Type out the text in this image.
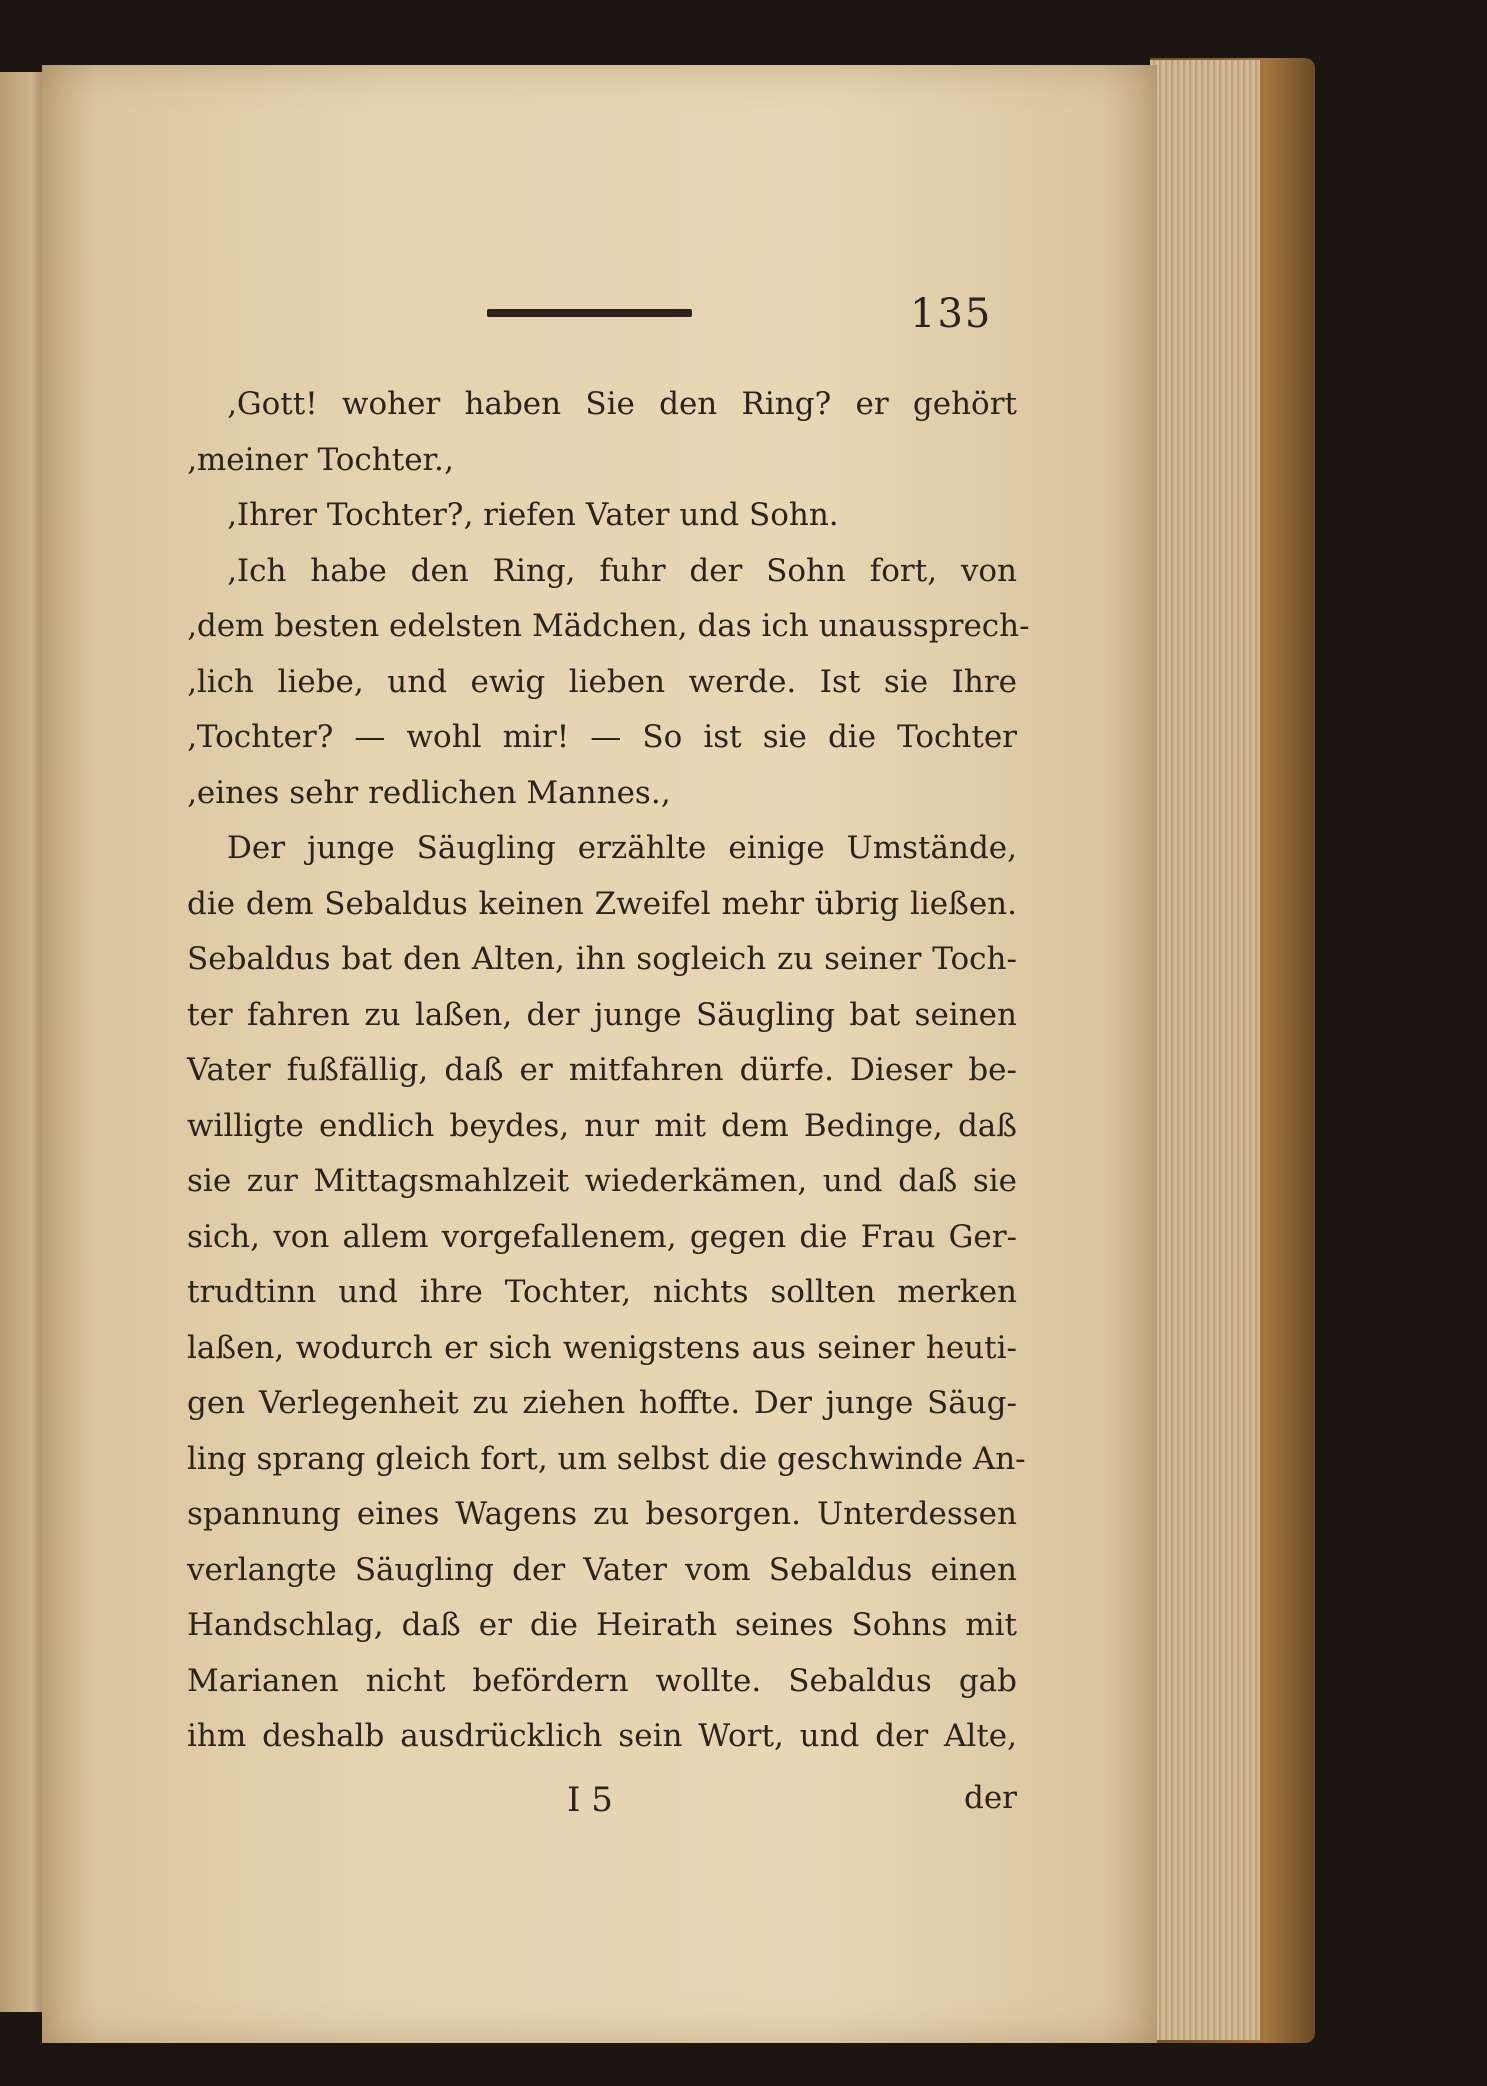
135
‚Gott! woher haben Sie den Ring? er gehört
‚meiner Tochter.‚
‚Ihrer Tochter?‚ riefen Vater und Sohn.
‚Ich habe den Ring, fuhr der Sohn fort, von
‚dem besten edelsten Mädchen, das ich unaussprech‑
‚lich liebe, und ewig lieben werde. Ist sie Ihre
‚Tochter? — wohl mir! — So ist sie die Tochter
‚eines sehr redlichen Mannes.‚
Der junge Säugling erzählte einige Umstände,
die dem Sebaldus keinen Zweifel mehr übrig ließen.
Sebaldus bat den Alten, ihn sogleich zu seiner Toch‑
ter fahren zu laßen, der junge Säugling bat seinen
Vater fußfällig, daß er mitfahren dürfe. Dieser be‑
willigte endlich beydes, nur mit dem Bedinge, daß
sie zur Mittagsmahlzeit wiederkämen, und daß sie
sich, von allem vorgefallenem, gegen die Frau Ger‑
trudtinn und ihre Tochter, nichts sollten merken
laßen, wodurch er sich wenigstens aus seiner heuti‑
gen Verlegenheit zu ziehen hoffte. Der junge Säug‑
ling sprang gleich fort, um selbst die geschwinde An‑
spannung eines Wagens zu besorgen. Unterdessen
verlangte Säugling der Vater vom Sebaldus einen
Handschlag, daß er die Heirath seines Sohns mit
Marianen nicht befördern wollte. Sebaldus gab
ihm deshalb ausdrücklich sein Wort, und der Alte,
I 5	der
